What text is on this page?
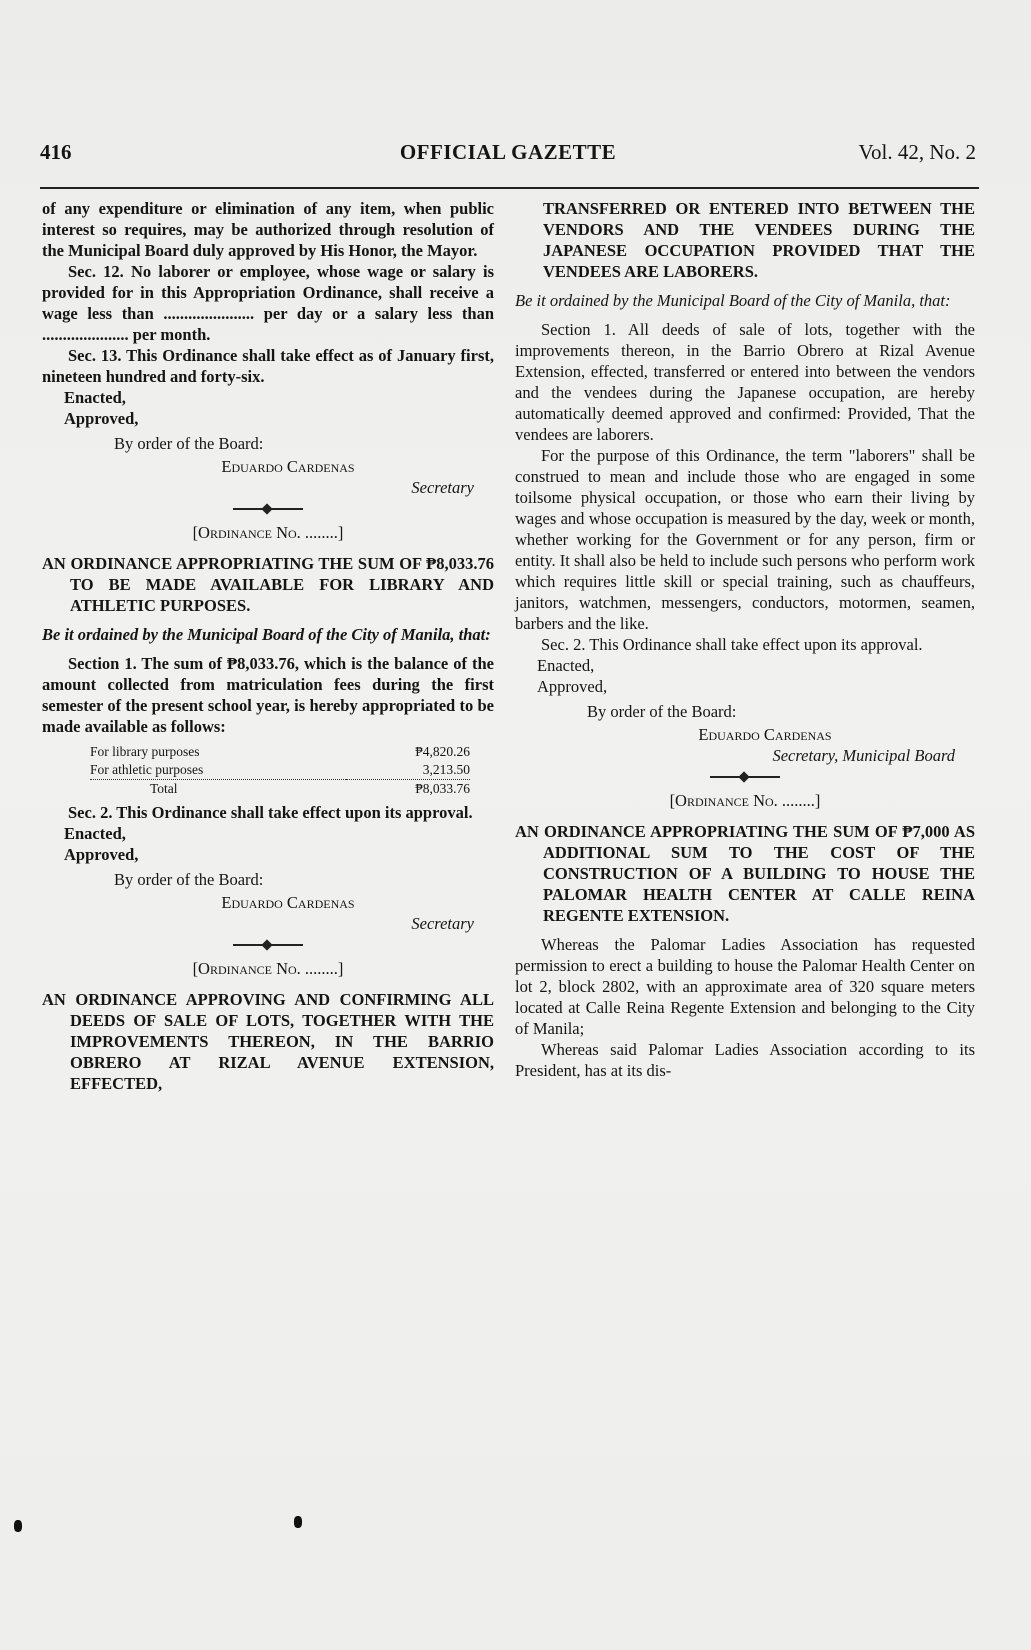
416	OFFICIAL GAZETTE	Vol. 42, No. 2

of any expenditure or elimination of any item, when public interest so requires, may be authorized through resolution of the Municipal Board duly approved by His Honor, the Mayor.

Sec. 12. No laborer or employee, whose wage or salary is provided for in this Appropriation Ordinance, shall receive a wage less than ...................... per day or a salary less than ..................... per month.

Sec. 13. This Ordinance shall take effect as of January first, nineteen hundred and forty-six.

Enacted,

Approved,

By order of the Board:

Eduardo Cardenas

Secretary

[Ordinance No. ........]

AN ORDINANCE APPROPRIATING THE SUM OF ₱8,033.76 TO BE MADE AVAILABLE FOR LIBRARY AND ATHLETIC PURPOSES.

Be it ordained by the Municipal Board of the City of Manila, that:

Section 1. The sum of ₱8,033.76, which is the balance of the amount collected from matriculation fees during the first semester of the present school year, is hereby appropriated to be made available as follows:

For library purposes	₱4,820.26
For athletic purposes	3,213.50
Total	₱8,033.76

Sec. 2. This Ordinance shall take effect upon its approval.

Enacted,

Approved,

By order of the Board:

Eduardo Cardenas

Secretary

[Ordinance No. ........]

AN ORDINANCE APPROVING AND CONFIRMING ALL DEEDS OF SALE OF LOTS, TOGETHER WITH THE IMPROVEMENTS THEREON, IN THE BARRIO OBRERO AT RIZAL AVENUE EXTENSION, EFFECTED,

TRANSFERRED OR ENTERED INTO BETWEEN THE VENDORS AND THE VENDEES DURING THE JAPANESE OCCUPATION PROVIDED THAT THE VENDEES ARE LABORERS.

Be it ordained by the Municipal Board of the City of Manila, that:

Section 1. All deeds of sale of lots, together with the improvements thereon, in the Barrio Obrero at Rizal Avenue Extension, effected, transferred or entered into between the vendors and the vendees during the Japanese occupation, are hereby automatically deemed approved and confirmed: Provided, That the vendees are laborers.

For the purpose of this Ordinance, the term "laborers" shall be construed to mean and include those who are engaged in some toilsome physical occupation, or those who earn their living by wages and whose occupation is measured by the day, week or month, whether working for the Government or for any person, firm or entity. It shall also be held to include such persons who perform work which requires little skill or special training, such as chauffeurs, janitors, watchmen, messengers, conductors, motormen, seamen, barbers and the like.

Sec. 2. This Ordinance shall take effect upon its approval.

Enacted,

Approved,

By order of the Board:

Eduardo Cardenas

Secretary, Municipal Board

[Ordinance No. ........]

AN ORDINANCE APPROPRIATING THE SUM OF ₱7,000 AS ADDITIONAL SUM TO THE COST OF THE CONSTRUCTION OF A BUILDING TO HOUSE THE PALOMAR HEALTH CENTER AT CALLE REINA REGENTE EXTENSION.

Whereas the Palomar Ladies Association has requested permission to erect a building to house the Palomar Health Center on lot 2, block 2802, with an approximate area of 320 square meters located at Calle Reina Regente Extension and belonging to the City of Manila;

Whereas said Palomar Ladies Association according to its President, has at its dis-
